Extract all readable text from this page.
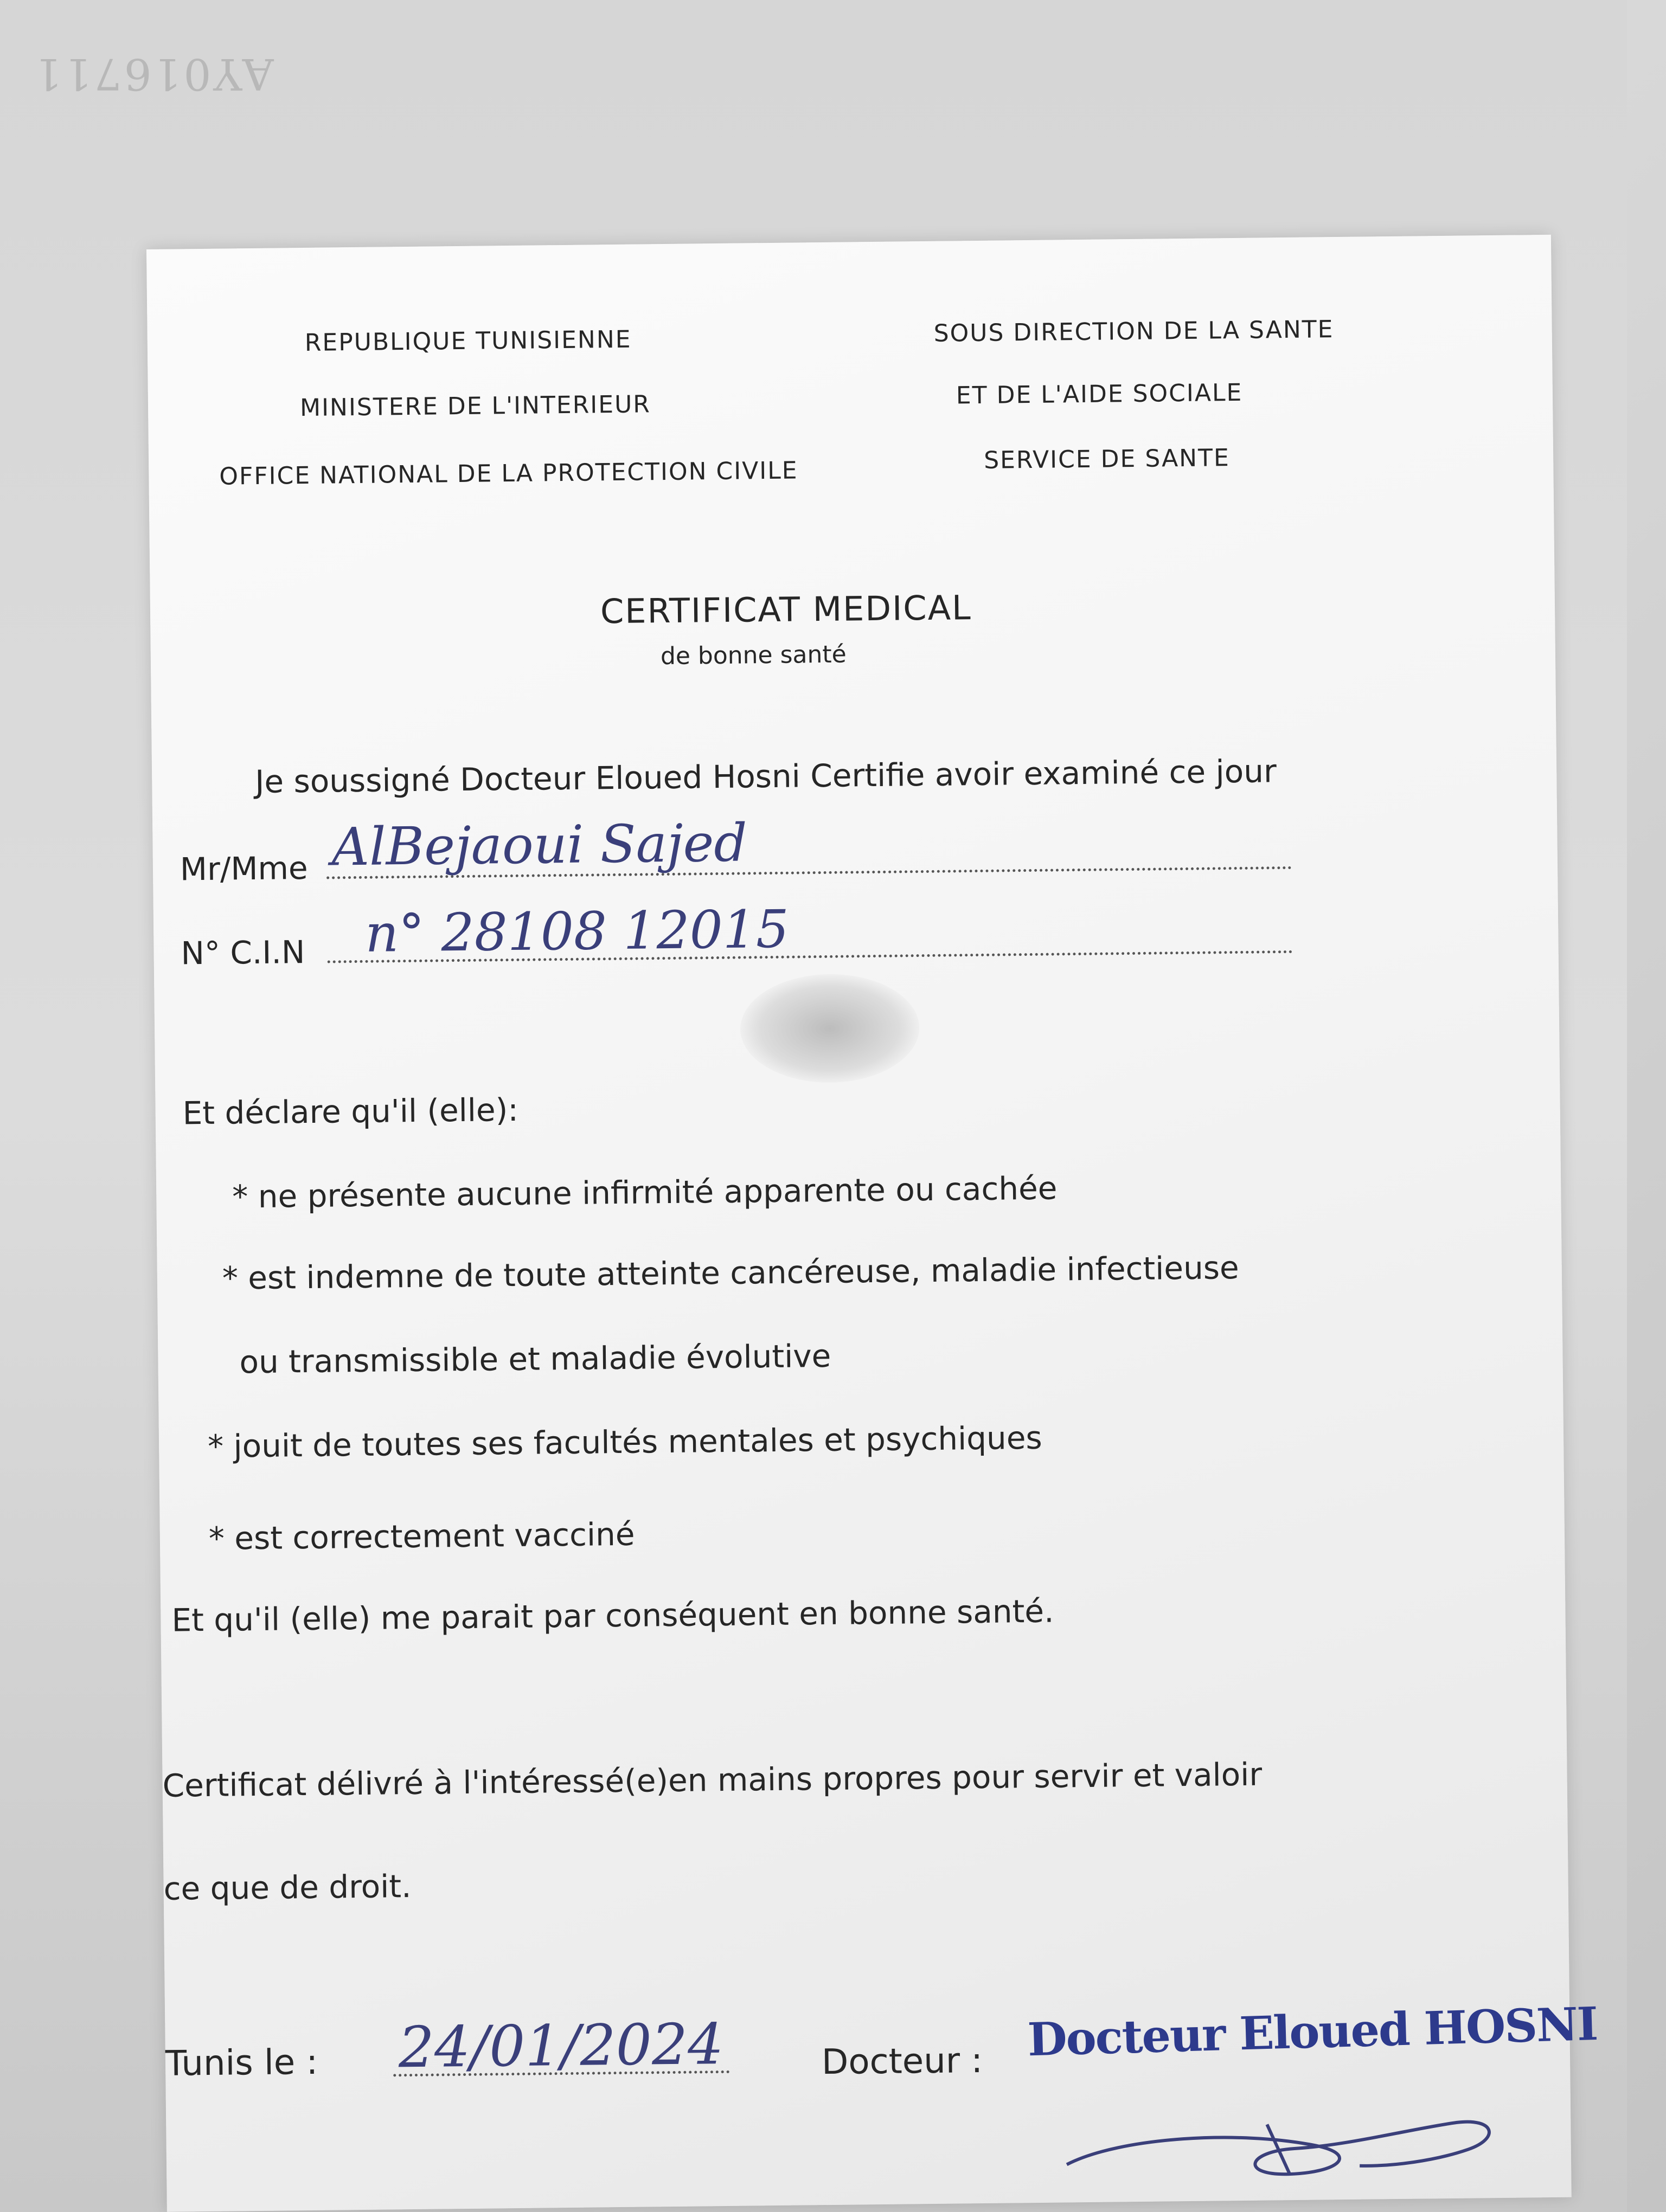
AY016711
REPUBLIQUE TUNISIENNE
MINISTERE DE L'INTERIEUR
OFFICE NATIONAL DE LA PROTECTION CIVILE
SOUS DIRECTION DE LA SANTE
ET DE L'AIDE SOCIALE
SERVICE DE SANTE
CERTIFICAT MEDICAL
de bonne santé
Je soussigné Docteur Eloued Hosni Certifie avoir examiné ce jour
Mr/Mme AlBejaoui Sajed
N° C.I.N n° 28108 12015
Et déclare qu'il (elle):
* ne présente aucune infirmité apparente ou cachée
* est indemne de toute atteinte cancéreuse, maladie infectieuse
ou transmissible et maladie évolutive
* jouit de toutes ses facultés mentales et psychiques
* est correctement vacciné
Et qu'il (elle) me parait par conséquent en bonne santé.
Certificat délivré à l'intéressé(e)en mains propres pour servir et valoir
ce que de droit.
Tunis le : 24/01/2024	Docteur : Docteur Eloued HOSNI
